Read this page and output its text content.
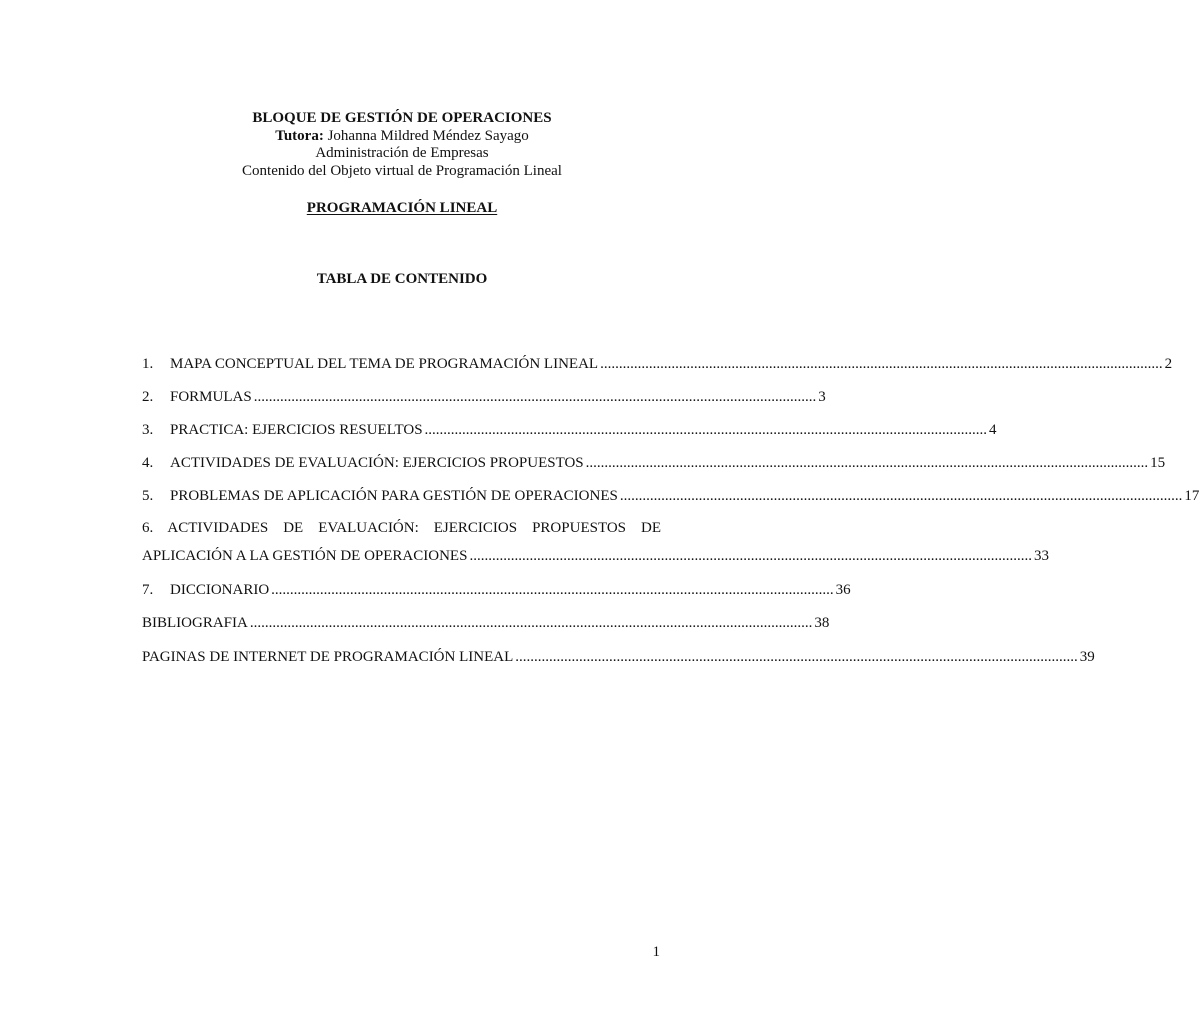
BLOQUE DE GESTIÓN DE OPERACIONES
Tutora: Johanna Mildred Méndez Sayago
Administración de Empresas
Contenido del Objeto virtual de Programación Lineal
PROGRAMACIÓN LINEAL
TABLA DE CONTENIDO
1.	MAPA CONCEPTUAL DEL TEMA DE PROGRAMACIÓN LINEAL ...................................................................................................................................................... 2
2.	FORMULAS ...................................................................................................................................................... 3
3.	PRACTICA: EJERCICIOS RESUELTOS ...................................................................................................................................................... 4
4.	ACTIVIDADES DE EVALUACIÓN: EJERCICIOS PROPUESTOS ...................................................................................................................................................... 15
5.	PROBLEMAS DE APLICACIÓN PARA GESTIÓN DE OPERACIONES ...................................................................................................................................................... 17
6. ACTIVIDADES DE EVALUACIÓN: EJERCICIOS PROPUESTOS DE
APLICACIÓN A LA GESTIÓN DE OPERACIONES ...................................................................................................................................................... 33
7.	DICCIONARIO ...................................................................................................................................................... 36
BIBLIOGRAFIA ...................................................................................................................................................... 38
PAGINAS DE INTERNET DE PROGRAMACIÓN LINEAL ...................................................................................................................................................... 39
1
